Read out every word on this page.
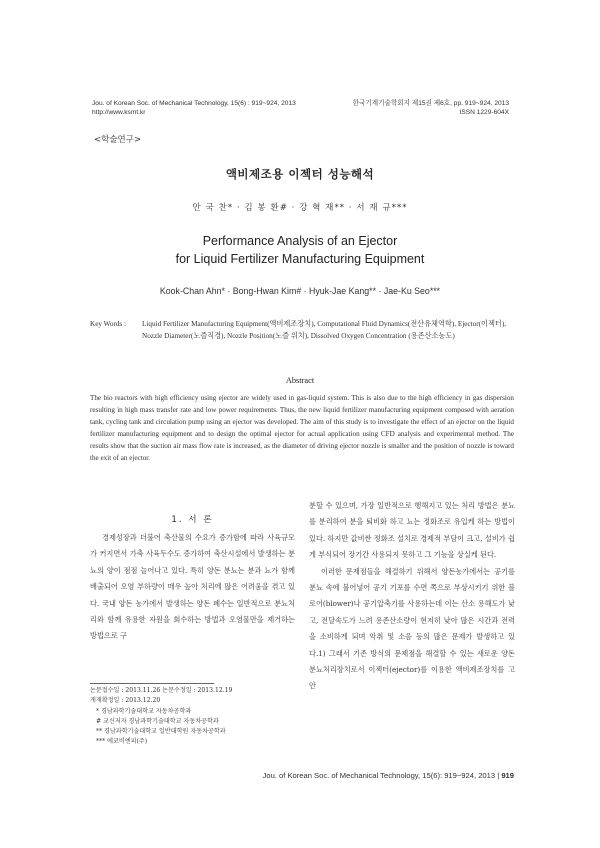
Jou. of Korean Soc. of Mechanical Technology, 15(6) : 919~924, 2013
http://www.ksmt.kr
한국기계기술학회지 제15권 제6호, pp. 919~924, 2013
ISSN 1229-604X
<학술연구>
액비제조용 이젝터 성능해석
안 국 찬* · 김 봉 환# · 강 혁 재** · 서 재 규***
Performance Analysis of an Ejector
for Liquid Fertilizer Manufacturing Equipment
Kook-Chan Ahn* · Bong-Hwan Kim# · Hyuk-Jae Kang** · Jae-Ku Seo***
Key Words : Liquid Fertilizer Manufacturing Equipment(액비제조장치), Computational Fluid Dynamics(전산유체역학), Ejector(이젝터), Nozzle Diameter(노즐직경), Nozzle Position(노즐 위치), Dissolved Oxygen Concentration (용존산소농도)
Abstract
The bio reactors with high efficiency using ejector are widely used in gas-liquid system. This is also due to the high efficiency in gas dispersion resulting in high mass transfer rate and low power requirements. Thus, the new liquid fertilizer manufacturing equipment composed with aeration tank, cycling tank and circulation pump using an ejector was developed. The aim of this study is to investigate the effect of an ejector on the liquid fertilizer manufacturing equipment and to design the optimal ejector for actual application using CFD analysis and experimental method. The results show that the suction air mass flow rate is increased, as the diameter of driving ejector nozzle is smaller and the position of nozzle is toward the exit of an ejector.
1. 서 론

경제성장과 더불어 축산물의 수요가 증가함에 따라 사육규모가 커지면서 가축 사육두수도 증가하여 축산시설에서 발생하는 분뇨의 양이 점점 늘어나고 있다. 특히 양돈 분뇨는 분과 뇨가 함께 배출되어 오염 부하량이 매우 높아 처리에 많은 어려움을 겪고 있다. 국내 양돈 농가에서 발생하는 양돈 폐수는 일반적으로 분뇨처리와 함께 유용한 자원을 회수하는 방법과 오염물만을 제거하는 방법으로 구

분할 수 있으며, 가장 일반적으로 행해지고 있는 처리 방법은 분뇨를 분리하여 분을 퇴비화 하고 뇨는 정화조로 유입케 하는 방법이 있다. 하지만 값비싼 정화조 설치로 경제적 부담이 크고, 설비가 쉽게 부식되어 장기간 사용되지 못하고 그 기능을 상실케 된다.

이러한 문제점들을 해결하기 위해서 양돈농가에서는 공기를 분뇨 속에 불어넣어 공기 기포를 수면 쪽으로 부상시키기 위한 블로어(blower)나 공기압축기를 사용하는데 이는 산소 용해도가 낮고, 전달속도가 느려 용존산소량이 현저히 낮아 많은 시간과 전력을 소비하게 되며 악취 및 소음 등의 많은 문제가 발생하고 있다.1) 그래서 기존 방식의 문제점을 해결할 수 있는 새로운 양돈 분뇨처리장치로서 이젝터(ejector)를 이용한 액비제조장치를 고안

논문접수일 : 2013.11.26 논문수정일 : 2013.12.19
게재확정일 : 2013.12.20
* 경남과학기술대학교 자동차공학과
# 교신저자 경남과학기술대학교 자동차공학과
** 경남과학기술대학교 일반대학원 자동차공학과
*** 에코비엔피(주)
Jou. of Korean Soc. of Mechanical Technology, 15(6): 919~924, 2013 | 919
